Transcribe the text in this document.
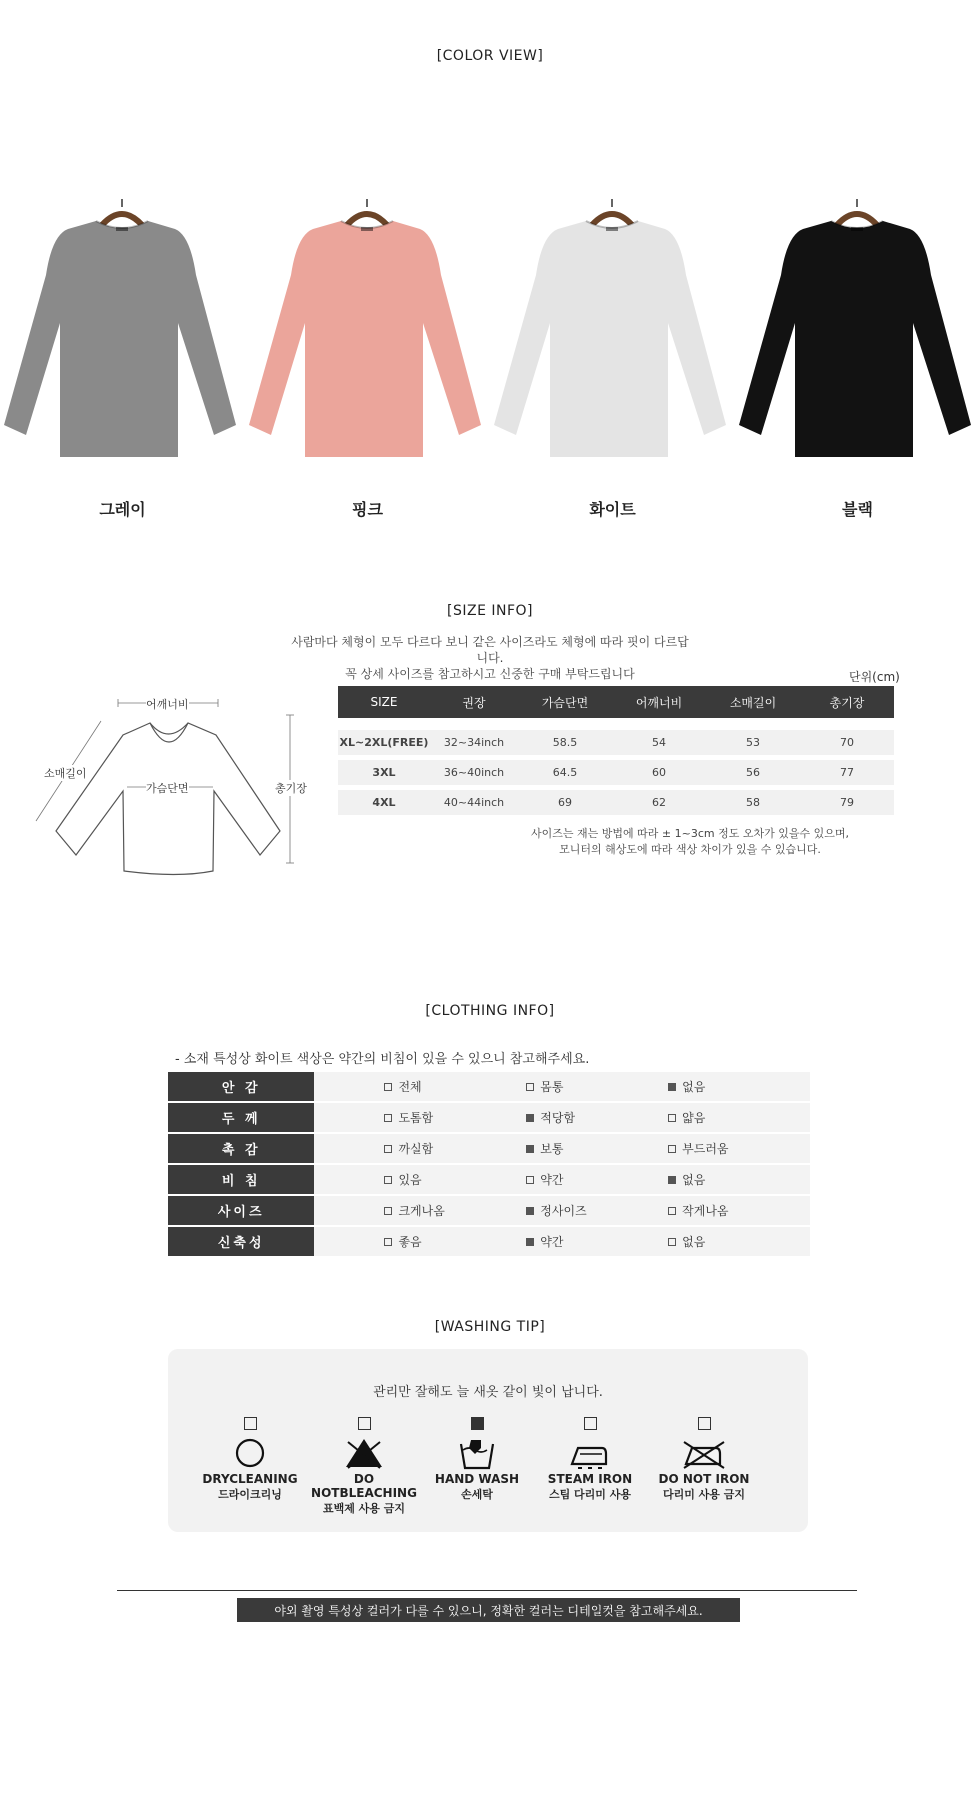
[COLOR VIEW]
[SIZE INFO]
사람마다 체형이 모두 다르다 보니 같은 사이즈라도 체형에 따라 핏이 다르답니다.
꼭 상세 사이즈를 참고하시고 신중한 구매 부탁드립니다	단위(cm)
어깨너비
소매길이
가슴단면	총기장
SIZE	권장	가슴단면	어깨너비	소매길이	총기장
XL~2XL(FREE)	32~34inch	58.5	54	53	70
3XL	36~40inch	64.5	60	56	77
4XL	40~44inch	69	62	58	79
사이즈는 재는 방법에 따라 ± 1~3cm 정도 오차가 있을수 있으며,
모니터의 해상도에 따라 색상 차이가 있을 수 있습니다.
[CLOTHING INFO]
- 소재 특성상 화이트 색상은 약간의 비침이 있을 수 있으니 참고해주세요.
안 감	전체	몸통	없음
두 께	도톰함	적당함	얇음
촉 감	까실함	보통	부드러움
비 침	있음	약간	없음
사이즈	크게나옴	정사이즈	작게나옴
신축성	좋음	약간	없음
[WASHING TIP]
관리만 잘해도 늘 새옷 같이 빛이 납니다.
DRYCLEANING
드라이크리닝
DO NOTBLEACHING
표백제 사용 금지
HAND WASH
손세탁
STEAM IRON
스팀 다리미 사용
DO NOT IRON
다리미 사용 금지
야외 촬영 특성상 컬러가 다를 수 있으니, 정확한 컬러는 디테일컷을 참고해주세요.
그레이	핑크	화이트	블랙
